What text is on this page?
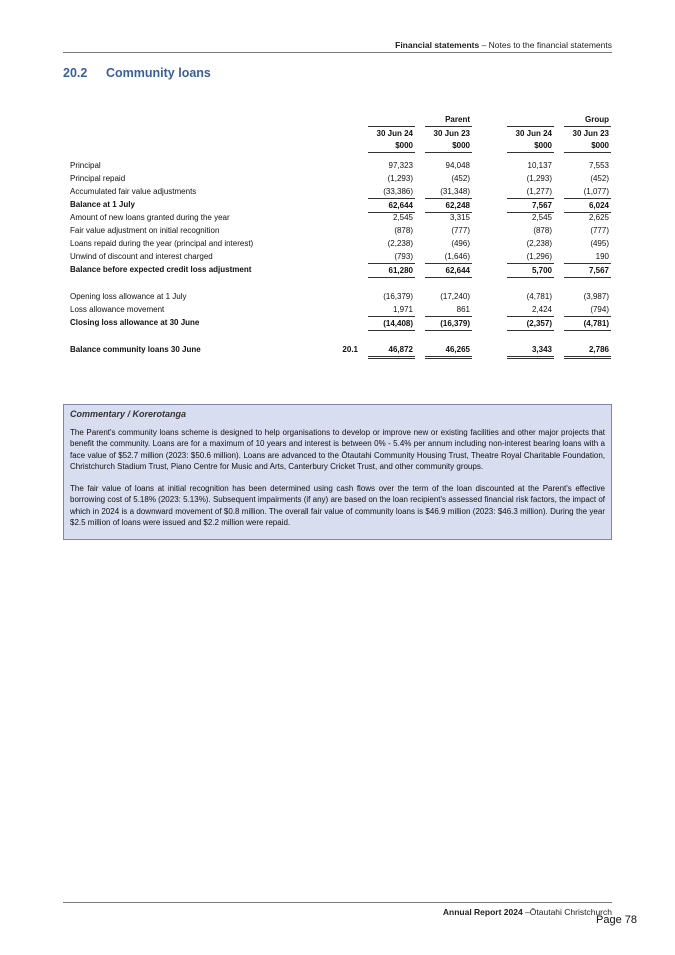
Financial statements – Notes to the financial statements
20.2 Community loans
Parent	Group
30 Jun 24	30 Jun 23	30 Jun 24	30 Jun 23
$000	$000	$000	$000
Principal	97,323	94,048	10,137	7,553
Principal repaid	(1,293)	(452)	(1,293)	(452)
Accumulated fair value adjustments	(33,386)	(31,348)	(1,277)	(1,077)
Balance at 1 July	62,644	62,248	7,567	6,024
Amount of new loans granted during the year	2,545	3,315	2,545	2,625
Fair value adjustment on initial recognition	(878)	(777)	(878)	(777)
Loans repaid during the year (principal and interest)	(2,238)	(496)	(2,238)	(495)
Unwind of discount and interest charged	(793)	(1,646)	(1,296)	190
Balance before expected credit loss adjustment	61,280	62,644	5,700	7,567
Opening loss allowance at 1 July	(16,379)	(17,240)	(4,781)	(3,987)
Loss allowance movement	1,971	861	2,424	(794)
Closing loss allowance at 30 June	(14,408)	(16,379)	(2,357)	(4,781)
Balance community loans 30 June	20.1	46,872	46,265	3,343	2,786
Commentary / Korerotanga

The Parent's community loans scheme is designed to help organisations to develop or improve new or existing facilities and other major projects that benefit the community. Loans are for a maximum of 10 years and interest is between 0% - 5.4% per annum including non-interest bearing loans with a face value of $52.7 million (2023: $50.6 million). Loans are advanced to the Ōtautahi Community Housing Trust, Theatre Royal Charitable Foundation, Christchurch Stadium Trust, Piano Centre for Music and Arts, Canterbury Cricket Trust, and other community groups.

The fair value of loans at initial recognition has been determined using cash flows over the term of the loan discounted at the Parent's effective borrowing cost of 5.18% (2023: 5.13%). Subsequent impairments (if any) are based on the loan recipient's assessed financial risk factors, the impact of which in 2024 is a downward movement of $0.8 million. The overall fair value of community loans is $46.9 million (2023: $46.3 million). During the year $2.5 million of loans were issued and $2.2 million were repaid.

Annual Report 2024 –Ōtautahi Christchurch
Page 78
